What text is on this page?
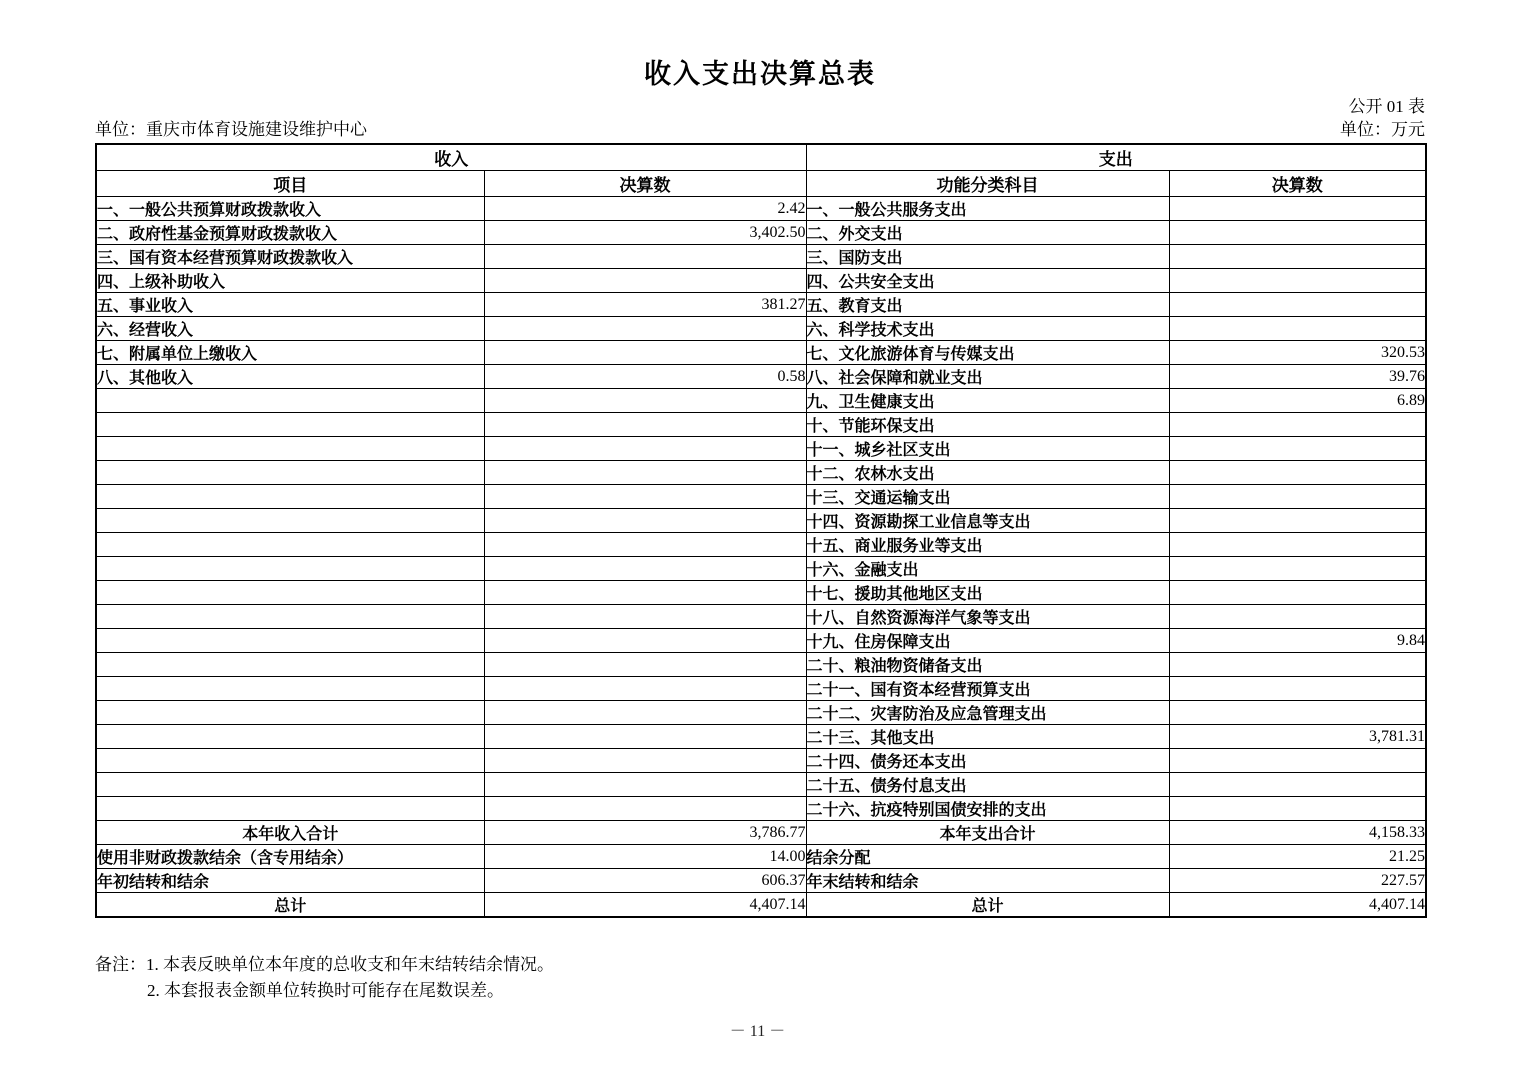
收入支出决算总表
公开 01 表
单位：重庆市体育设施建设维护中心	单位：万元
收入		支出	
项目	决算数	功能分类科目	决算数
一、一般公共预算财政拨款收入	2.42	一、一般公共服务支出	
二、政府性基金预算财政拨款收入	3,402.50	二、外交支出	
三、国有资本经营预算财政拨款收入		三、国防支出	
四、上级补助收入		四、公共安全支出	
五、事业收入	381.27	五、教育支出	
六、经营收入		六、科学技术支出	
七、附属单位上缴收入		七、文化旅游体育与传媒支出	320.53
八、其他收入	0.58	八、社会保障和就业支出	39.76
		九、卫生健康支出	6.89
		十、节能环保支出	
		十一、城乡社区支出	
		十二、农林水支出	
		十三、交通运输支出	
		十四、资源勘探工业信息等支出	
		十五、商业服务业等支出	
		十六、金融支出	
		十七、援助其他地区支出	
		十八、自然资源海洋气象等支出	
		十九、住房保障支出	9.84
		二十、粮油物资储备支出	
		二十一、国有资本经营预算支出	
		二十二、灾害防治及应急管理支出	
		二十三、其他支出	3,781.31
		二十四、债务还本支出	
		二十五、债务付息支出	
		二十六、抗疫特别国债安排的支出	
本年收入合计	3,786.77	本年支出合计	4,158.33
使用非财政拨款结余（含专用结余）	14.00	结余分配	21.25
年初结转和结余	606.37	年末结转和结余	227.57
总计	4,407.14	总计	4,407.14
备注：1. 本表反映单位本年度的总收支和年末结转结余情况。
2. 本套报表金额单位转换时可能存在尾数误差。
－ 11 －
